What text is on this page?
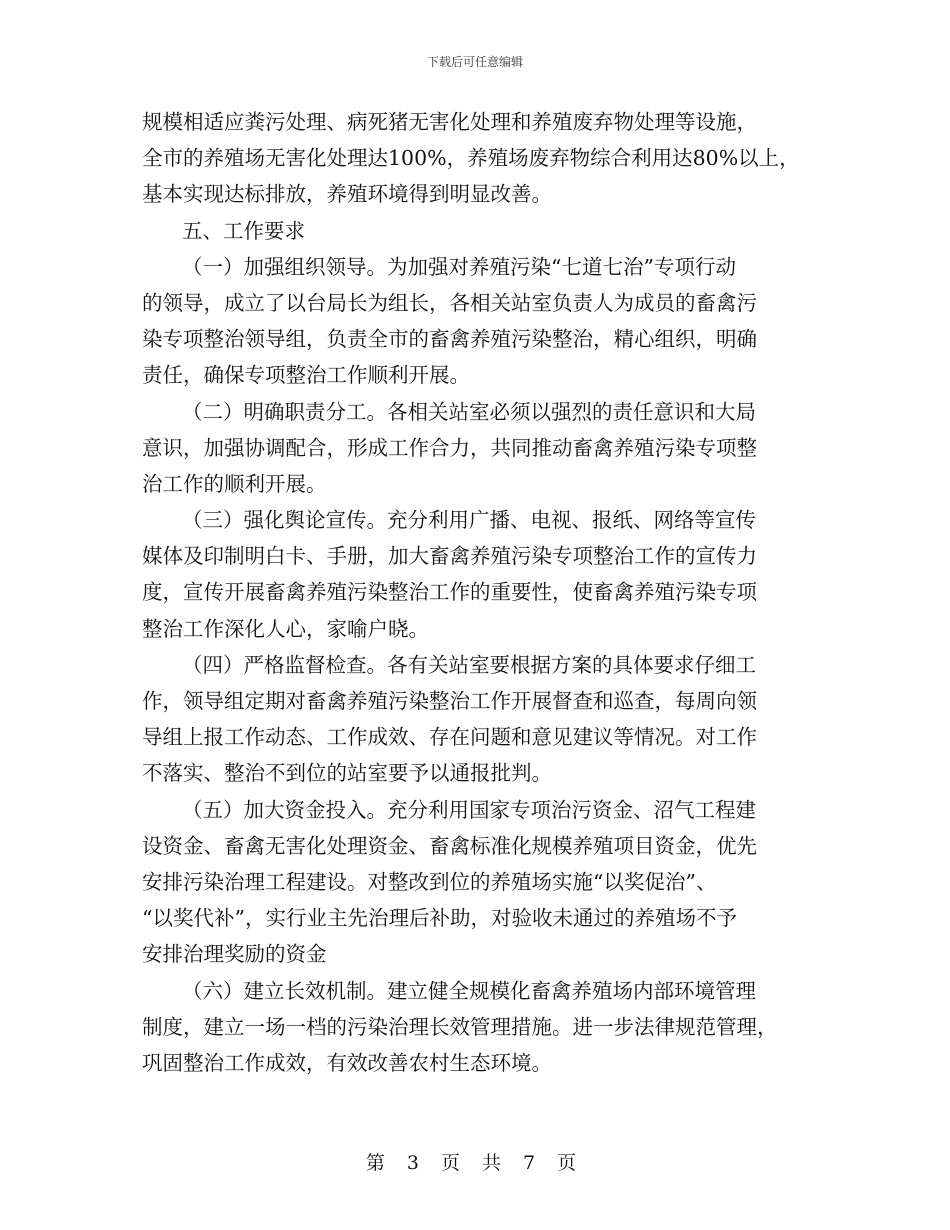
下载后可任意编辑
规模相适应粪污处理、病死猪无害化处理和养殖废弃物处理等设施，
全市的养殖场无害化处理达100%，养殖场废弃物综合利用达80%以上，
基本实现达标排放，养殖环境得到明显改善。
五、工作要求
（一）加强组织领导。为加强对养殖污染“七道七治”专项行动
的领导，成立了以台局长为组长，各相关站室负责人为成员的畜禽污
染专项整治领导组，负责全市的畜禽养殖污染整治，精心组织，明确
责任，确保专项整治工作顺利开展。
（二）明确职责分工。各相关站室必须以强烈的责任意识和大局
意识，加强协调配合，形成工作合力，共同推动畜禽养殖污染专项整
治工作的顺利开展。
（三）强化舆论宣传。充分利用广播、电视、报纸、网络等宣传
媒体及印制明白卡、手册，加大畜禽养殖污染专项整治工作的宣传力
度，宣传开展畜禽养殖污染整治工作的重要性，使畜禽养殖污染专项
整治工作深化人心，家喻户晓。
（四）严格监督检查。各有关站室要根据方案的具体要求仔细工
作，领导组定期对畜禽养殖污染整治工作开展督查和巡查，每周向领
导组上报工作动态、工作成效、存在问题和意见建议等情况。对工作
不落实、整治不到位的站室要予以通报批判。
（五）加大资金投入。充分利用国家专项治污资金、沼气工程建
设资金、畜禽无害化处理资金、畜禽标准化规模养殖项目资金，优先
安排污染治理工程建设。对整改到位的养殖场实施“以奖促治”、
“以奖代补”，实行业主先治理后补助，对验收未通过的养殖场不予
安排治理奖励的资金
（六）建立长效机制。建立健全规模化畜禽养殖场内部环境管理
制度，建立一场一档的污染治理长效管理措施。进一步法律规范管理，
巩固整治工作成效，有效改善农村生态环境。
第 3 页 共 7 页
